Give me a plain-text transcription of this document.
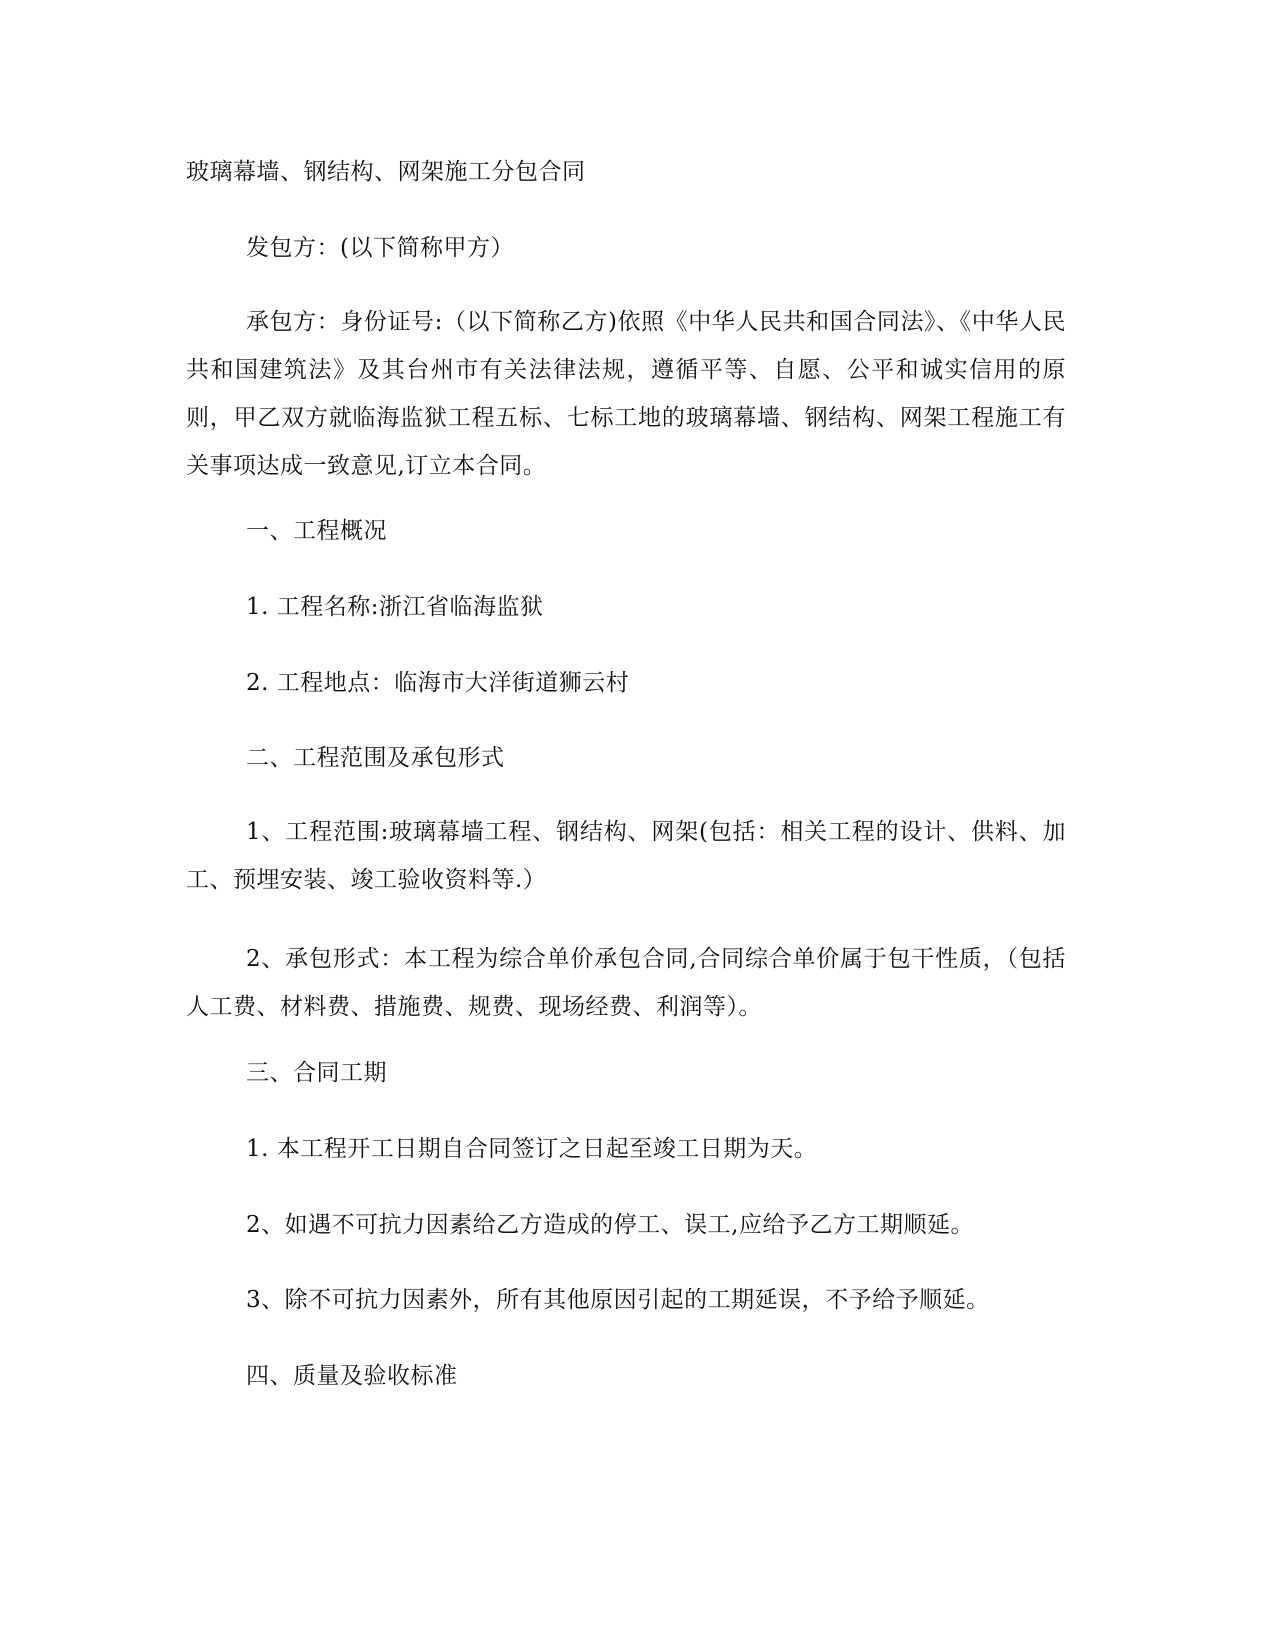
玻璃幕墙、钢结构、网架施工分包合同
发包方：(以下简称甲方）
承包方：身份证号:（以下简称乙方)依照《中华人民共和国合同法》、《中华人民共和国建筑法》及其台州市有关法律法规，遵循平等、自愿、公平和诚实信用的原则，甲乙双方就临海监狱工程五标、七标工地的玻璃幕墙、钢结构、网架工程施工有关事项达成一致意见,订立本合同。
一、工程概况
1. 工程名称:浙江省临海监狱
2. 工程地点：临海市大洋街道狮云村
二、工程范围及承包形式
1、工程范围:玻璃幕墙工程、钢结构、网架(包括：相关工程的设计、供料、加工、预埋安装、竣工验收资料等.）
2、承包形式：本工程为综合单价承包合同,合同综合单价属于包干性质，（包括人工费、材料费、措施费、规费、现场经费、利润等）。
三、合同工期
1. 本工程开工日期自合同签订之日起至竣工日期为天。
2、如遇不可抗力因素给乙方造成的停工、误工,应给予乙方工期顺延。
3、除不可抗力因素外，所有其他原因引起的工期延误，不予给予顺延。
四、质量及验收标准
